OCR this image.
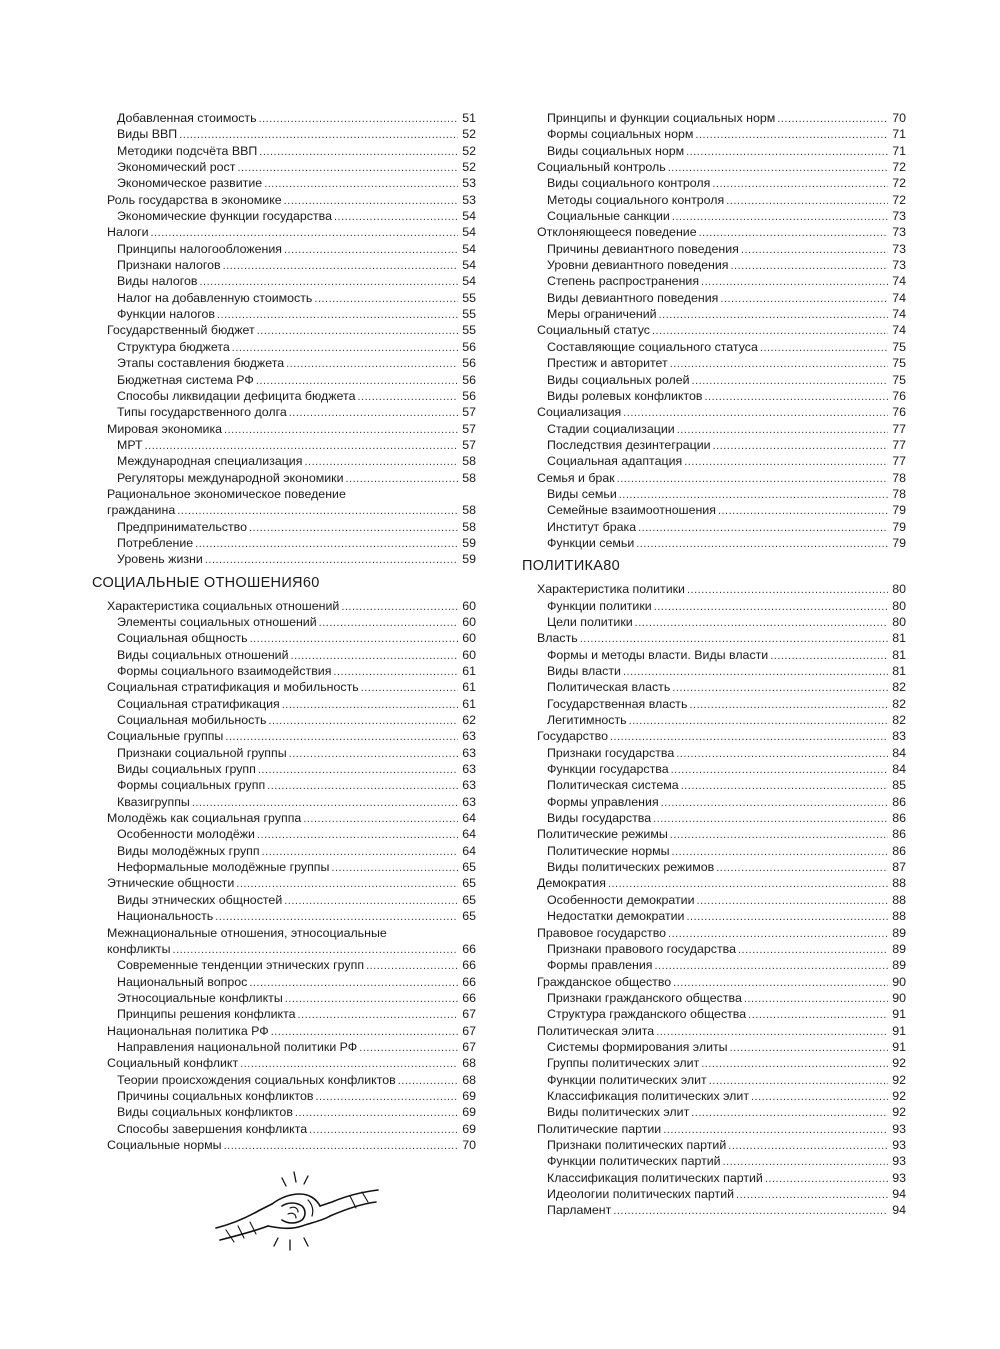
Добавленная стоимость .....	51
Виды ВВП .....	52
Методики подсчёта ВВП .....	52
Экономический рост .....	52
Экономическое развитие .....	53
Роль государства в экономике .....	53
Экономические функции государства .....	54
Налоги .....	54
Принципы налогообложения .....	54
Признаки налогов .....	54
Виды налогов .....	54
Налог на добавленную стоимость .....	55
Функции налогов .....	55
Государственный бюджет .....	55
Структура бюджета .....	56
Этапы составления бюджета .....	56
Бюджетная система РФ .....	56
Способы ликвидации дефицита бюджета .....	56
Типы государственного долга .....	57
Мировая экономика .....	57
МРТ .....	57
Международная специализация .....	58
Регуляторы международной экономики .....	58
Рациональное экономическое поведение
гражданина .....	58
Предпринимательство .....	58
Потребление .....	59
Уровень жизни .....	59
СОЦИАЛЬНЫЕ ОТНОШЕНИЯ 60
Характеристика социальных отношений .....	60
Элементы социальных отношений .....	60
Социальная общность .....	60
Виды социальных отношений .....	60
Формы социального взаимодействия .....	61
Социальная стратификация и мобильность .....	61
Социальная стратификация .....	61
Социальная мобильность .....	62
Социальные группы .....	63
Признаки социальной группы .....	63
Виды социальных групп .....	63
Формы социальных групп .....	63
Квазигруппы .....	63
Молодёжь как социальная группа .....	64
Особенности молодёжи .....	64
Виды молодёжных групп .....	64
Неформальные молодёжные группы .....	65
Этнические общности .....	65
Виды этнических общностей .....	65
Национальность .....	65
Межнациональные отношения, этносоциальные
конфликты .....	66
Современные тенденции этнических групп .....	66
Национальный вопрос .....	66
Этносоциальные конфликты .....	66
Принципы решения конфликта .....	67
Национальная политика РФ .....	67
Направления национальной политики РФ .....	67
Социальный конфликт .....	68
Теории происхождения социальных конфликтов .....	68
Причины социальных конфликтов .....	69
Виды социальных конфликтов .....	69
Способы завершения конфликта .....	69
Социальные нормы .....	70
Принципы и функции социальных норм .....	70
Формы социальных норм .....	71
Виды социальных норм .....	71
Социальный контроль .....	72
Виды социального контроля .....	72
Методы социального контроля .....	72
Социальные санкции .....	73
Отклоняющееся поведение .....	73
Причины девиантного поведения .....	73
Уровни девиантного поведения .....	73
Степень распространения .....	74
Виды девиантного поведения .....	74
Меры ограничений .....	74
Социальный статус .....	74
Составляющие социального статуса .....	75
Престиж и авторитет .....	75
Виды социальных ролей .....	75
Виды ролевых конфликтов .....	76
Социализация .....	76
Стадии социализации .....	77
Последствия дезинтеграции .....	77
Социальная адаптация .....	77
Семья и брак .....	78
Виды семьи .....	78
Семейные взаимоотношения .....	79
Институт брака .....	79
Функции семьи .....	79
ПОЛИТИКА 80
Характеристика политики .....	80
Функции политики .....	80
Цели политики .....	80
Власть .....	81
Формы и методы власти. Виды власти .....	81
Виды власти .....	81
Политическая власть .....	82
Государственная власть .....	82
Легитимность .....	82
Государство .....	83
Признаки государства .....	84
Функции государства .....	84
Политическая система .....	85
Формы управления .....	86
Виды государства .....	86
Политические режимы .....	86
Политические нормы .....	86
Виды политических режимов .....	87
Демократия .....	88
Особенности демократии .....	88
Недостатки демократии .....	88
Правовое государство .....	89
Признаки правового государства .....	89
Формы правления .....	89
Гражданское общество .....	90
Признаки гражданского общества .....	90
Структура гражданского общества .....	91
Политическая элита .....	91
Системы формирования элиты .....	91
Группы политических элит .....	92
Функции политических элит .....	92
Классификация политических элит .....	92
Виды политических элит .....	92
Политические партии .....	93
Признаки политических партий .....	93
Функции политических партий .....	93
Классификация политических партий .....	93
Идеологии политических партий .....	94
Парламент .....	94
